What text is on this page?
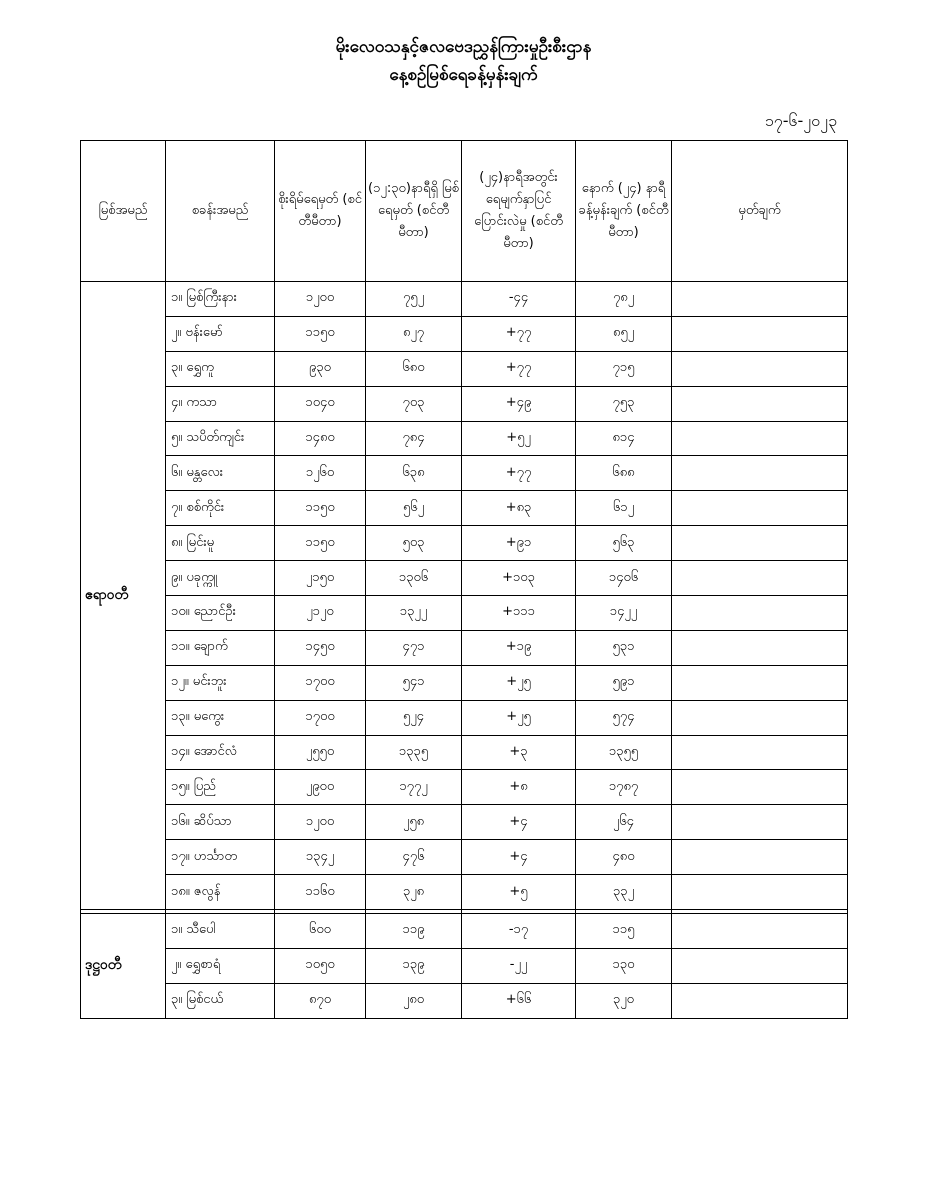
မိုးလေဝသနှင့်ဇလဗေဒညွှန်ကြားမှုဦးစီးဌာန
နေ့စဉ်မြစ်ရေခန့်မှန်းချက်
၁၇-၆-၂၀၂၃
မြစ်အမည်	စခန်းအမည်	စိုးရိမ်ရေမှတ် (စင်တီမီတာ)	(၁၂:၃၀)နာရီရှိ မြစ်ရေမှတ် (စင်တီမီတာ)	(၂၄)နာရီအတွင်း ရေမျက်နှာပြင် ပြောင်းလဲမှု (စင်တီမီတာ)	နောက် (၂၄) နာရီ ခန့်မှန်းချက် (စင်တီမီတာ)	မှတ်ချက်
ဧရာဝတီ	၁။ မြစ်ကြီးနား	၁၂၀၀	၇၅၂	-၄၄	၇၈၂	
	၂။ ဗန်းမော်	၁၁၅၀	၈၂၇	+၇၇	၈၅၂	
	၃။ ရွှေကူ	၉၃၀	၆၈၀	+၇၇	၇၁၅	
	၄။ ကသာ	၁၀၄၀	၇၀၃	+၄၉	၇၅၃	
	၅။ သပိတ်ကျင်း	၁၄၈၀	၇၈၄	+၅၂	၈၁၄	
	၆။ မန္တလေး	၁၂၆၀	၆၃၈	+၇၇	၆၈၈	
	၇။ စစ်ကိုင်း	၁၁၅၀	၅၆၂	+၈၃	၆၁၂	
	၈။ မြင်းမူ	၁၁၅၀	၅၀၃	+၉၁	၅၆၃	
	၉။ ပခုက္ကူ	၂၁၅၀	၁၃၀၆	+၁၀၃	၁၄၀၆	
	၁၀။ ညောင်ဦး	၂၁၂၀	၁၃၂၂	+၁၁၁	၁၄၂၂	
	၁၁။ ချောက်	၁၄၅၀	၄၇၁	+၁၉	၅၃၁	
	၁၂။ မင်းဘူး	၁၇၀၀	၅၄၁	+၂၅	၅၉၁	
	၁၃။ မကွေး	၁၇၀၀	၅၂၄	+၂၅	၅၇၄	
	၁၄။ အောင်လံ	၂၅၅၀	၁၃၃၅	+၃	၁၃၅၅	
	၁၅။ ပြည်	၂၉၀၀	၁၇၇၂	+၈	၁၇၈၇	
	၁၆။ ဆိပ်သာ	၁၂၀၀	၂၅၈	+၄	၂၆၄	
	၁၇။ ဟင်္သာတ	၁၃၄၂	၄၇၆	+၄	၄၈၀	
	၁၈။ ဇလွန်	၁၁၆၀	၃၂၈	+၅	၃၃၂	

ဒုဋ္ဌဝတီ	၁။ သီပေါ	၆၀၀	၁၁၉	-၁၇	၁၁၅	
	၂။ ရွှေစာရံ	၁၀၅၀	၁၃၉	-၂၂	၁၃၀	
	၃။ မြစ်ငယ်	၈၇၀	၂၈၀	+၆၆	၃၂၀	
